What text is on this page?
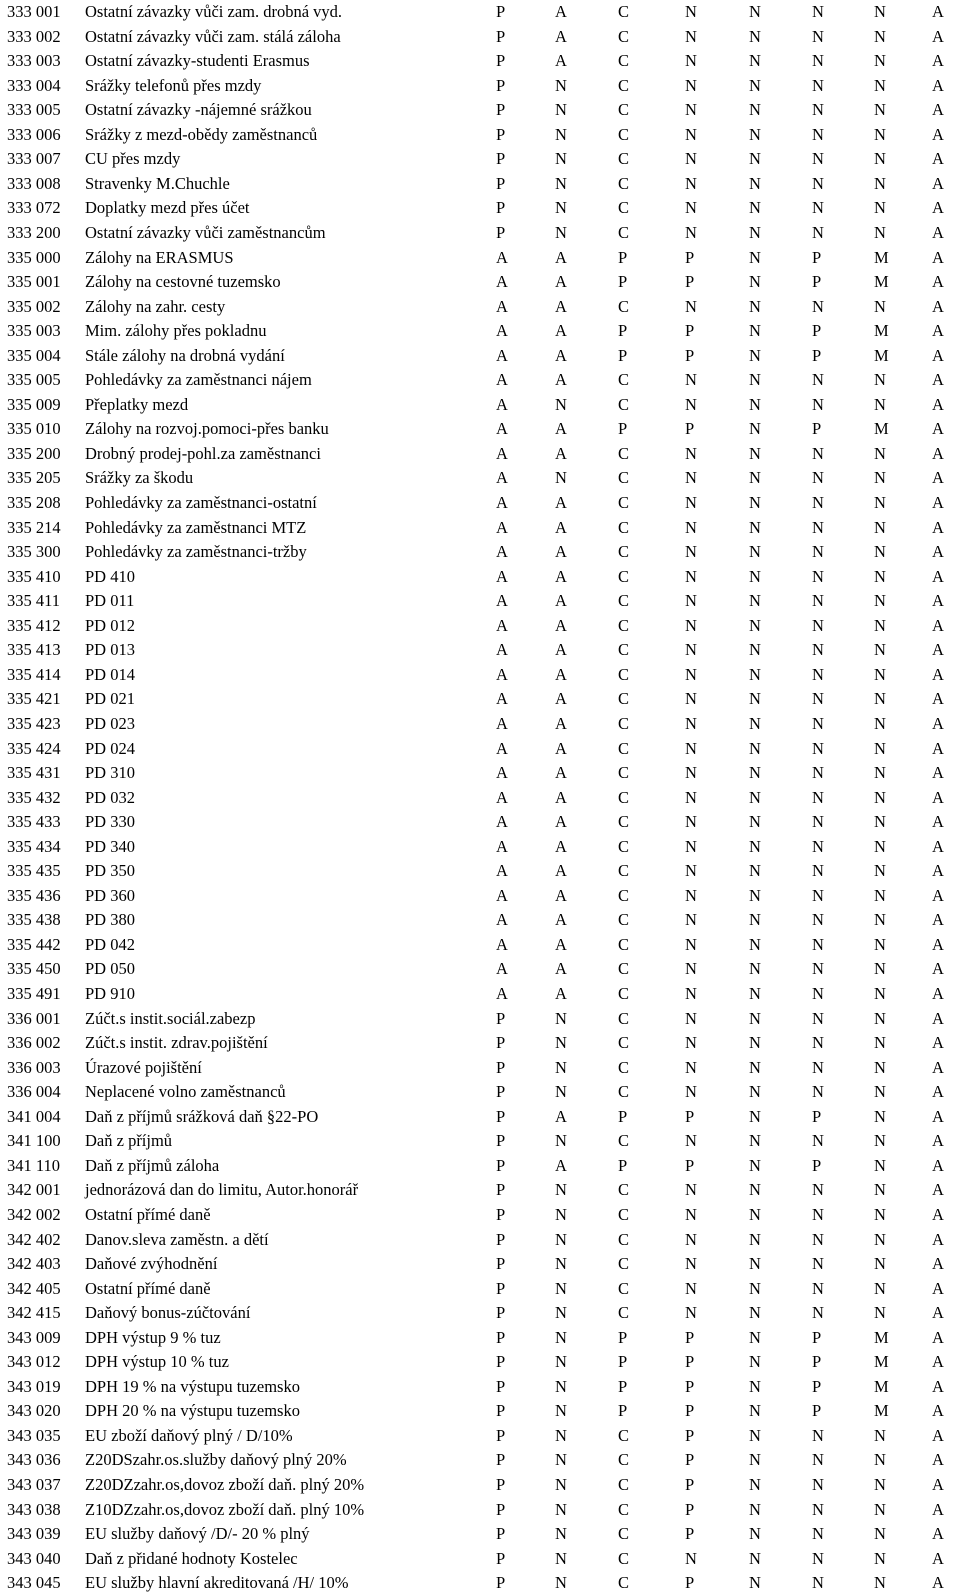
333 001 Ostatní závazky vůči zam. drobná vyd.	P	A	C	N	N	N	N	A
333 002 Ostatní závazky vůči zam. stálá záloha	P	A	C	N	N	N	N	A
333 003 Ostatní závazky-studenti Erasmus	P	A	C	N	N	N	N	A
333 004 Srážky telefonů přes mzdy	P	N	C	N	N	N	N	A
333 005 Ostatní závazky -nájemné srážkou	P	N	C	N	N	N	N	A
333 006 Srážky z mezd-obědy zaměstnanců	P	N	C	N	N	N	N	A
333 007 CU přes mzdy	P	N	C	N	N	N	N	A
333 008 Stravenky M.Chuchle	P	N	C	N	N	N	N	A
333 072 Doplatky mezd přes účet	P	N	C	N	N	N	N	A
333 200 Ostatní závazky vůči zaměstnancům	P	N	C	N	N	N	N	A
335 000 Zálohy na ERASMUS	A	A	P	P	N	P	M	A
335 001 Zálohy na cestovné tuzemsko	A	A	P	P	N	P	M	A
335 002 Zálohy na zahr. cesty	A	A	C	N	N	N	N	A
335 003 Mim. zálohy přes pokladnu	A	A	P	P	N	P	M	A
335 004 Stále zálohy na drobná vydání	A	A	P	P	N	P	M	A
335 005 Pohledávky za zaměstnanci nájem	A	A	C	N	N	N	N	A
335 009 Přeplatky mezd	A	N	C	N	N	N	N	A
335 010 Zálohy na rozvoj.pomoci-přes banku	A	A	P	P	N	P	M	A
335 200 Drobný prodej-pohl.za zaměstnanci	A	A	C	N	N	N	N	A
335 205 Srážky za škodu	A	N	C	N	N	N	N	A
335 208 Pohledávky za zaměstnanci-ostatní	A	A	C	N	N	N	N	A
335 214 Pohledávky za zaměstnanci MTZ	A	A	C	N	N	N	N	A
335 300 Pohledávky za zaměstnanci-tržby	A	A	C	N	N	N	N	A
335 410 PD 410	A	A	C	N	N	N	N	A
335 411 PD 011	A	A	C	N	N	N	N	A
335 412 PD 012	A	A	C	N	N	N	N	A
335 413 PD 013	A	A	C	N	N	N	N	A
335 414 PD 014	A	A	C	N	N	N	N	A
335 421 PD 021	A	A	C	N	N	N	N	A
335 423 PD 023	A	A	C	N	N	N	N	A
335 424 PD 024	A	A	C	N	N	N	N	A
335 431 PD 310	A	A	C	N	N	N	N	A
335 432 PD 032	A	A	C	N	N	N	N	A
335 433 PD 330	A	A	C	N	N	N	N	A
335 434 PD 340	A	A	C	N	N	N	N	A
335 435 PD 350	A	A	C	N	N	N	N	A
335 436 PD 360	A	A	C	N	N	N	N	A
335 438 PD 380	A	A	C	N	N	N	N	A
335 442 PD 042	A	A	C	N	N	N	N	A
335 450 PD 050	A	A	C	N	N	N	N	A
335 491 PD 910	A	A	C	N	N	N	N	A
336 001 Zúčt.s instit.sociál.zabezp	P	N	C	N	N	N	N	A
336 002 Zúčt.s instit. zdrav.pojištění	P	N	C	N	N	N	N	A
336 003 Úrazové pojištění	P	N	C	N	N	N	N	A
336 004 Neplacené volno zaměstnanců	P	N	C	N	N	N	N	A
341 004 Daň z příjmů srážková daň §22-PO	P	A	P	P	N	P	N	A
341 100 Daň z příjmů	P	N	C	N	N	N	N	A
341 110 Daň z příjmů záloha	P	A	P	P	N	P	N	A
342 001 jednorázová dan do limitu, Autor.honorář	P	N	C	N	N	N	N	A
342 002 Ostatní přímé daně	P	N	C	N	N	N	N	A
342 402 Danov.sleva zaměstn. a dětí	P	N	C	N	N	N	N	A
342 403 Daňové zvýhodnění	P	N	C	N	N	N	N	A
342 405 Ostatní přímé daně	P	N	C	N	N	N	N	A
342 415 Daňový bonus-zúčtování	P	N	C	N	N	N	N	A
343 009 DPH výstup 9 % tuz	P	N	P	P	N	P	M	A
343 012 DPH výstup 10 % tuz	P	N	P	P	N	P	M	A
343 019 DPH 19 % na výstupu tuzemsko	P	N	P	P	N	P	M	A
343 020 DPH 20 % na výstupu tuzemsko	P	N	P	P	N	P	M	A
343 035 EU zboží daňový plný / D/10%	P	N	C	P	N	N	N	A
343 036 Z20DSzahr.os.služby daňový plný 20%	P	N	C	P	N	N	N	A
343 037 Z20DZzahr.os,dovoz zboží daň. plný 20%	P	N	C	P	N	N	N	A
343 038 Z10DZzahr.os,dovoz zboží daň. plný 10%	P	N	C	P	N	N	N	A
343 039 EU služby daňový /D/- 20 % plný	P	N	C	P	N	N	N	A
343 040 Daň z přidané hodnoty Kostelec	P	N	C	N	N	N	N	A
343 045 EU služby hlavní akreditovaná /H/ 10%	P	N	C	P	N	N	N	A
